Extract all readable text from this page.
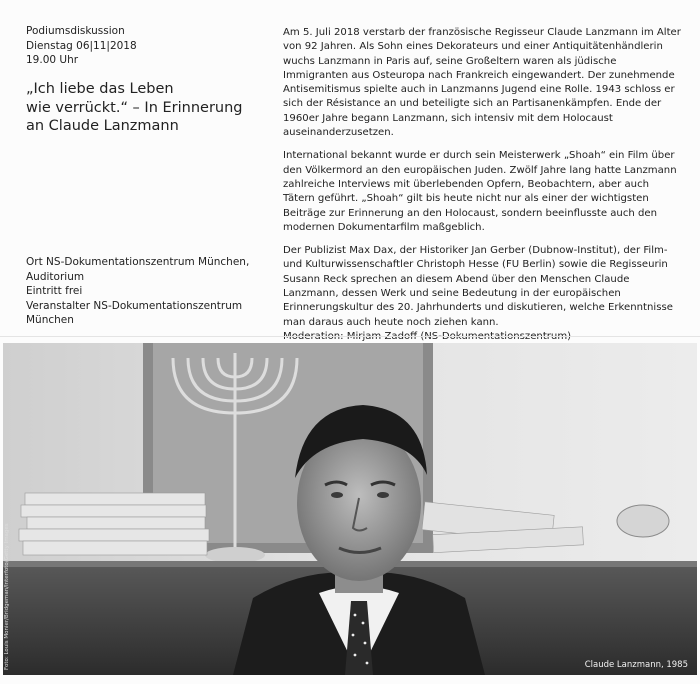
Podiumsdiskussion
Dienstag 06|11|2018
19.00 Uhr
„Ich liebe das Leben
wie verrückt.“ – In Erinnerung
an Claude Lanzmann
Ort NS-Dokumentationszentrum München,
Auditorium
Eintritt frei
Veranstalter NS-Dokumentationszentrum
München

Am 5. Juli 2018 verstarb der französische Regisseur Claude Lanzmann im Alter von 92 Jahren. Als Sohn eines Dekorateurs und einer Antiquitätenhändlerin wuchs Lanzmann in Paris auf, seine Großeltern waren als jüdische Immigranten aus Osteuropa nach Frankreich eingewandert. Der zunehmende Antisemitismus spielte auch in Lanzmanns Jugend eine Rolle. 1943 schloss er sich der Résistance an und beteiligte sich an Partisanenkämpfen. Ende der 1960er Jahre begann Lanzmann, sich intensiv mit dem Holocaust auseinanderzusetzen.

International bekannt wurde er durch sein Meisterwerk „Shoah“ ein Film über den Völkermord an den europäischen Juden. Zwölf Jahre lang hatte Lanzmann zahlreiche Interviews mit überlebenden Opfern, Beobachtern, aber auch Tätern geführt. „Shoah“ gilt bis heute nicht nur als einer der wichtigsten Beiträge zur Erinnerung an den Holocaust, sondern beeinflusste auch den modernen Dokumentarfilm maßgeblich.

Der Publizist Max Dax, der Historiker Jan Gerber (Dubnow-Institut), der Film- und Kulturwissenschaftler Christoph Hesse (FU Berlin) sowie die Regisseurin Susann Reck sprechen an diesem Abend über den Menschen Claude Lanzmann, dessen Werk und seine Bedeutung in der europäischen Erinnerungskultur des 20. Jahrhunderts und diskutieren, welche Erkenntnisse man daraus auch heute noch ziehen kann.

Foto: Louis Monier/Bridgeman/Interfoto/Getty Images	Claude Lanzmann, 1985
